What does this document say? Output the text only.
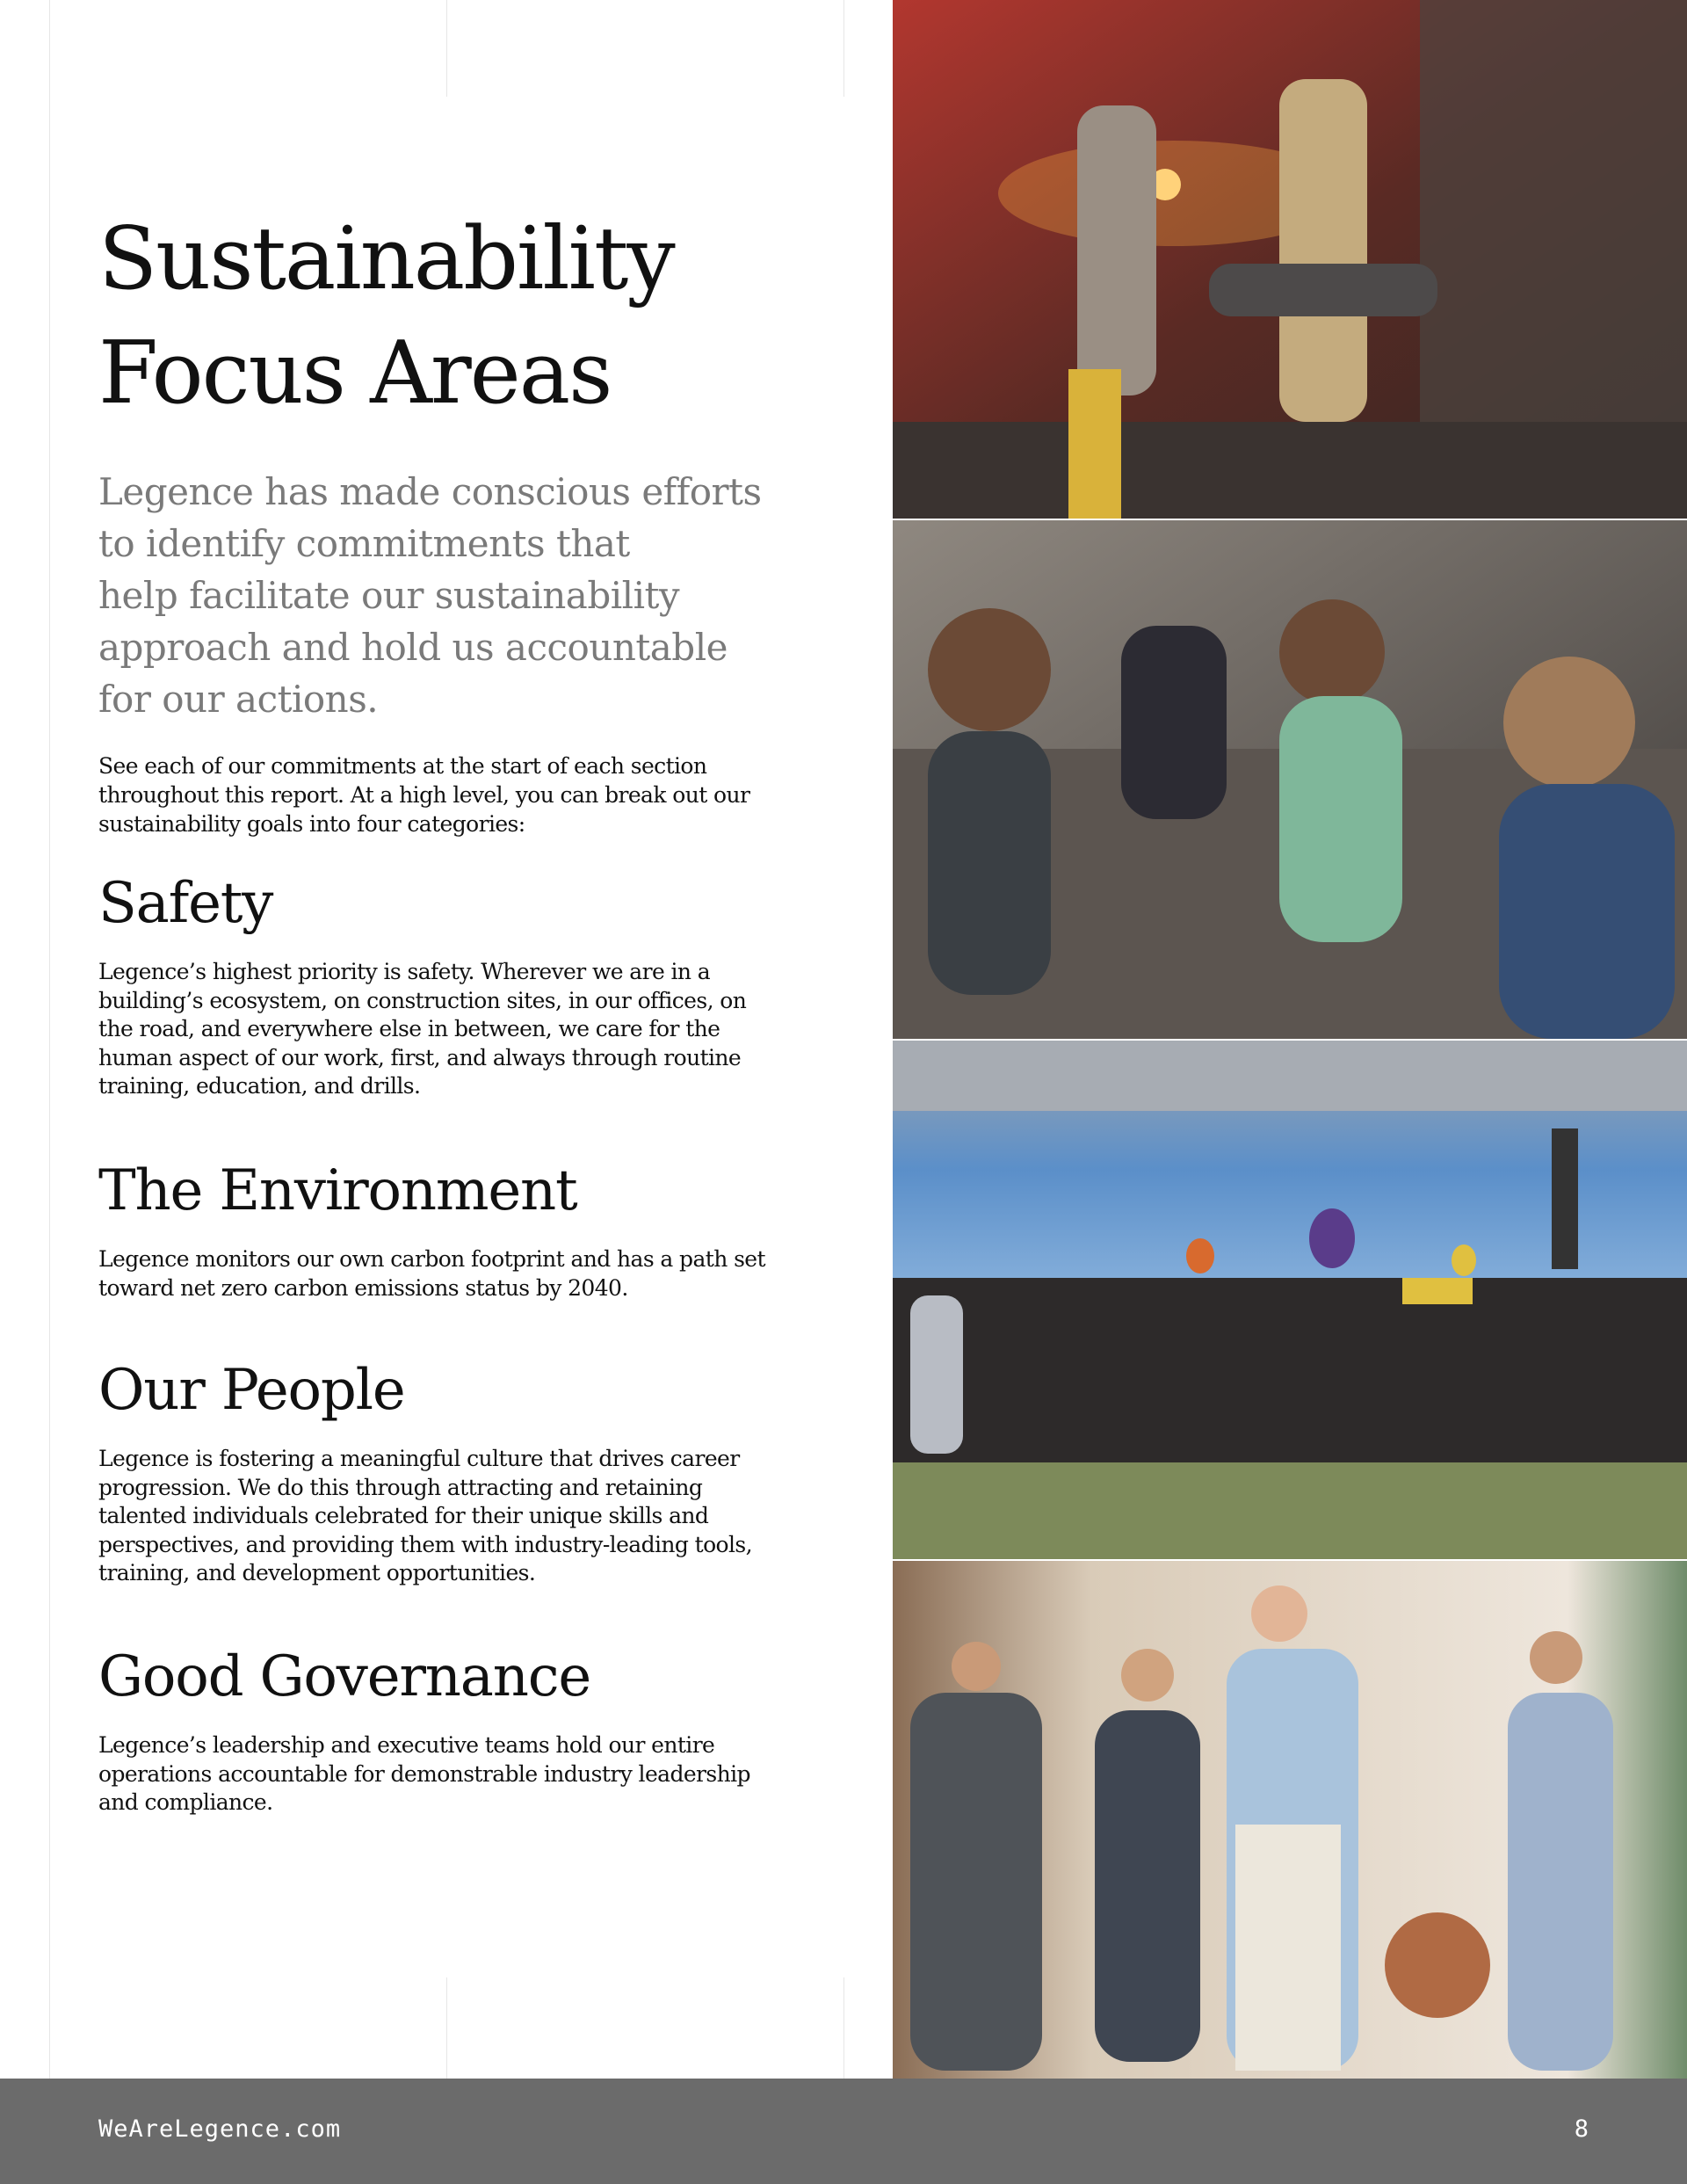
Sustainability
Focus Areas

Legence has made conscious efforts
to identify commitments that
help facilitate our sustainability
approach and hold us accountable
for our actions.

See each of our commitments at the start of each section
throughout this report. At a high level, you can break out our
sustainability goals into four categories:

Safety

Legence’s highest priority is safety. Wherever we are in a
building’s ecosystem, on construction sites, in our offices, on
the road, and everywhere else in between, we care for the
human aspect of our work, first, and always through routine
training, education, and drills.

The Environment

Legence monitors our own carbon footprint and has a path set
toward net zero carbon emissions status by 2040.

Our People

Legence is fostering a meaningful culture that drives career
progression. We do this through attracting and retaining
talented individuals celebrated for their unique skills and
perspectives, and providing them with industry-leading tools,
training, and development opportunities.

Good Governance

Legence’s leadership and executive teams hold our entire
operations accountable for demonstrable industry leadership
and compliance.

WeAreLegence.com	8
